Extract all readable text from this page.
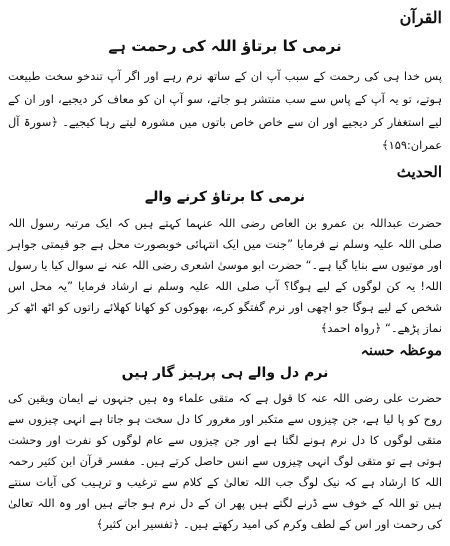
القرآن
نرمی کا برتاؤ اللہ کی رحمت ہے

پس خدا ہی کی رحمت کے سبب آپ ان کے ساتھ نرم رہے اور اگر آپ تندخو سخت طبیعت ہوتے، تو یہ آپ کے پاس سے سب منتشر ہو جاتے، سو آپ ان کو معاف کر دیجیے، اور ان کے لیے استغفار کر دیجیے اور ان سے خاص خاص باتوں میں مشورہ لیتے رہا کیجیے۔ ﴿سورۃ آل عمران:۱۵۹﴾

الحدیث
نرمی کا برتاؤ کرنے والے

حضرت عبداللہ بن عمرو بن العاص رضی اللہ عنہما کہتے ہیں کہ ایک مرتبہ رسول اللہ صلی اللہ علیہ وسلم نے فرمایا ”جنت میں ایک انتہائی خوبصورت محل ہے جو قیمتی جواہر اور موتیوں سے بنایا گیا ہے۔“ حضرت ابو موسیٰ اشعری رضی اللہ عنہ نے سوال کیا یا رسول اللہ! یہ کن لوگوں کے لیے ہوگا؟ آپ صلی اللہ علیہ وسلم نے ارشاد فرمایا ”یہ محل اس شخص کے لیے ہوگا جو اچھی اور نرم گفتگو کرے، بھوکوں کو کھانا کھلائے راتوں کو اٹھ اٹھ کر نماز پڑھے۔“ ﴿رواہ احمد﴾

موعظہ حسنہ
نرم دل والے ہی پرہیز گار ہیں

حضرت علی رضی اللہ عنہ کا قول ہے کہ متقی علماء وہ ہیں جنہوں نے ایمان ویقین کی روح کو پا لیا ہے، جن چیزوں سے متکبر اور مغرور کا دل سخت ہو جاتا ہے انہی چیزوں سے متقی لوگوں کا دل نرم ہونے لگتا ہے اور جن چیزوں سے عام لوگوں کو نفرت اور وحشت ہوتی ہے تو متقی لوگ انہی چیزوں سے انس حاصل کرتے ہیں۔ مفسر قرآن ابن کثیر رحمہ اللہ کا ارشاد ہے کہ نیک لوگ جب اللہ تعالیٰ کے کلام سے ترغیب و ترہیب کی آیات سنتے ہیں تو اللہ کے خوف سے ڈرنے لگتے ہیں پھر ان کے دل نرم ہو جاتے ہیں اور وہ اللہ تعالیٰ کی رحمت اور اس کے لطف وکرم کی امید رکھتے ہیں۔ ﴿تفسیر ابن کثیر﴾
